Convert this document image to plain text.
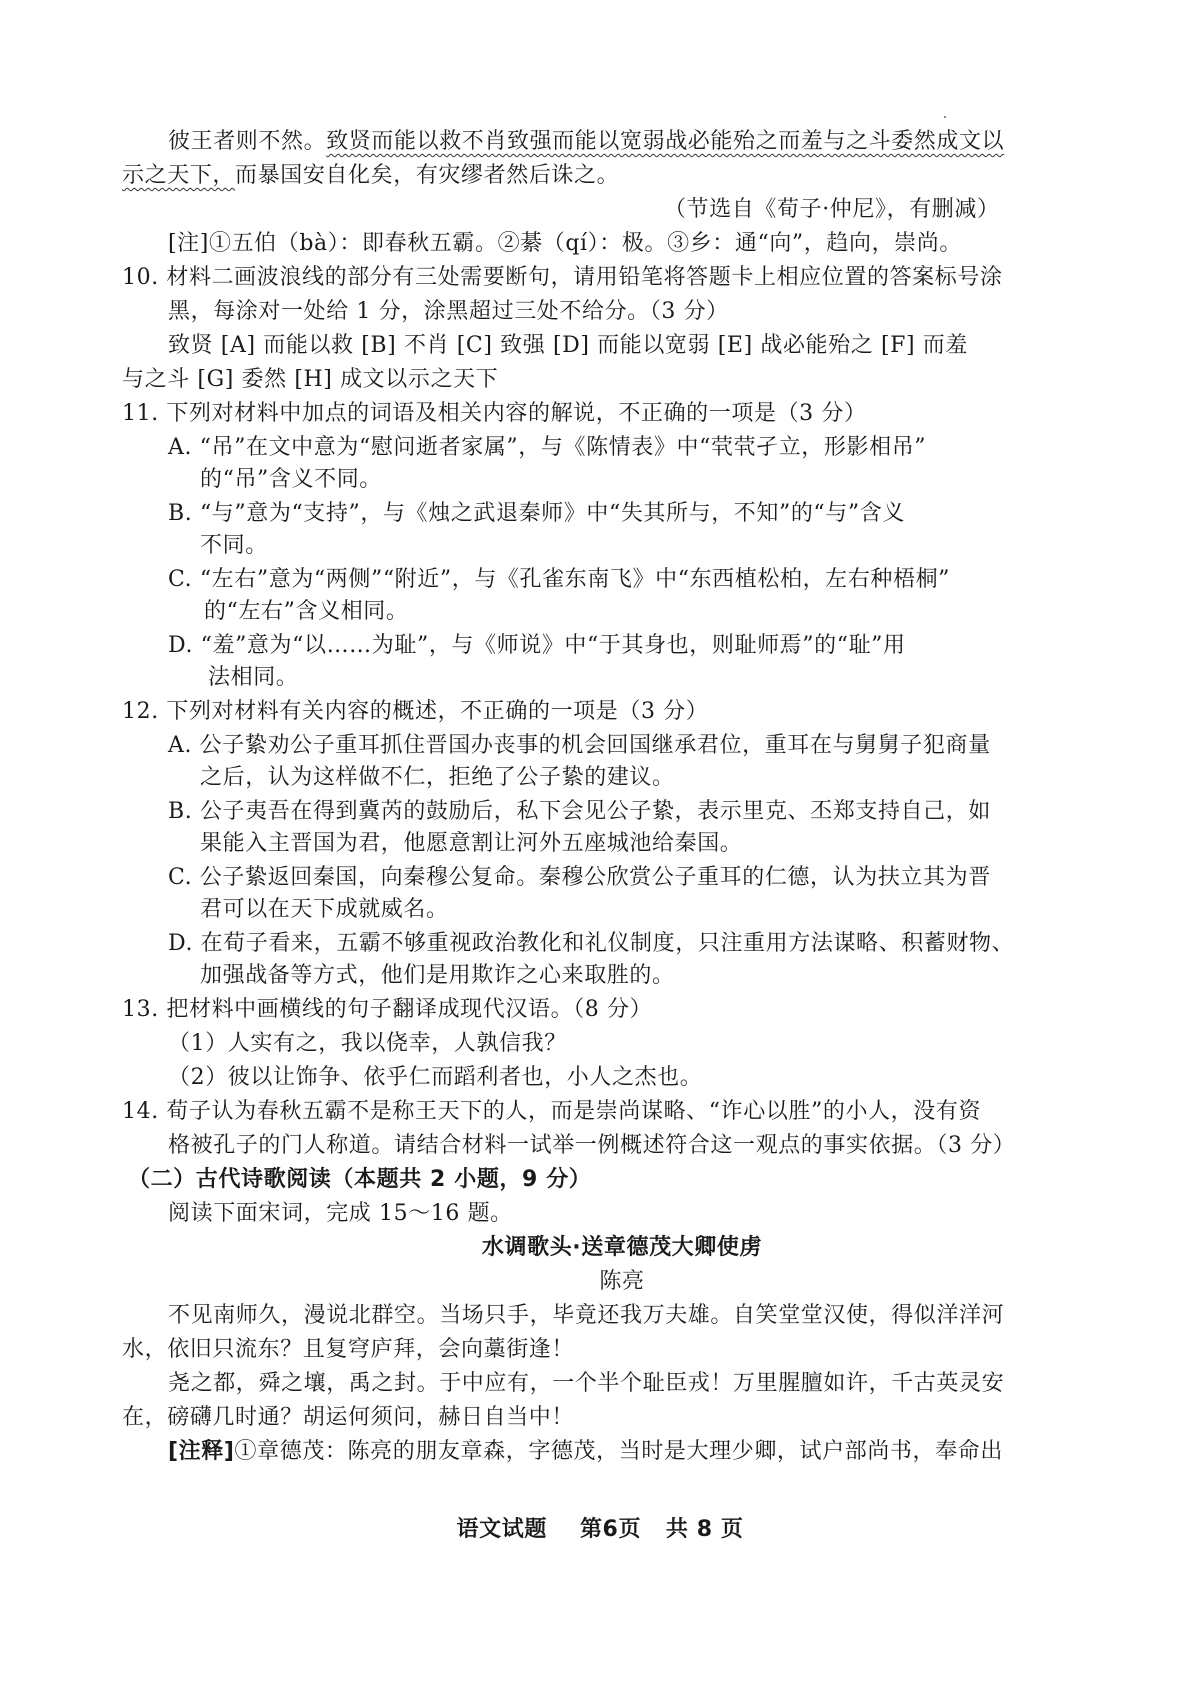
彼王者则不然。致贤而能以救不肖致强而能以宽弱战必能殆之而羞与之斗委然成文以
示之天下，而暴国安自化矣，有灾缪者然后诛之。
（节选自《荀子·仲尼》，有删减）
[注]①五伯（bà）：即春秋五霸。②綦（qí）：极。③乡：通“向”，趋向，崇尚。
10. 材料二画波浪线的部分有三处需要断句，请用铅笔将答题卡上相应位置的答案标号涂
黑，每涂对一处给 1 分，涂黑超过三处不给分。（3 分）
致贤 [A] 而能以救 [B] 不肖 [C] 致强 [D] 而能以宽弱 [E] 战必能殆之 [F] 而羞
与之斗 [G] 委然 [H] 成文以示之天下
11. 下列对材料中加点的词语及相关内容的解说，不正确的一项是（3 分）
A. “吊”在文中意为“慰问逝者家属”，与《陈情表》中“茕茕孑立，形影相吊”
的“吊”含义不同。
B. “与”意为“支持”，与《烛之武退秦师》中“失其所与，不知”的“与”含义
不同。
C. “左右”意为“两侧”“附近”，与《孔雀东南飞》中“东西植松柏，左右种梧桐”
的“左右”含义相同。
D. “羞”意为“以……为耻”，与《师说》中“于其身也，则耻师焉”的“耻”用
法相同。
12. 下列对材料有关内容的概述，不正确的一项是（3 分）
A. 公子絷劝公子重耳抓住晋国办丧事的机会回国继承君位，重耳在与舅舅子犯商量
之后，认为这样做不仁，拒绝了公子絷的建议。
B. 公子夷吾在得到冀芮的鼓励后，私下会见公子絷，表示里克、丕郑支持自己，如
果能入主晋国为君，他愿意割让河外五座城池给秦国。
C. 公子絷返回秦国，向秦穆公复命。秦穆公欣赏公子重耳的仁德，认为扶立其为晋
君可以在天下成就威名。
D. 在荀子看来，五霸不够重视政治教化和礼仪制度，只注重用方法谋略、积蓄财物、
加强战备等方式，他们是用欺诈之心来取胜的。
13. 把材料中画横线的句子翻译成现代汉语。（8 分）
（1）人实有之，我以侥幸，人孰信我？
（2）彼以让饰争、依乎仁而蹈利者也，小人之杰也。
14. 荀子认为春秋五霸不是称王天下的人，而是崇尚谋略、“诈心以胜”的小人，没有资
格被孔子的门人称道。请结合材料一试举一例概述符合这一观点的事实依据。（3 分）
（二）古代诗歌阅读（本题共 2 小题，9 分）
阅读下面宋词，完成 15～16 题。
水调歌头·送章德茂大卿使虏
陈亮
不见南师久，漫说北群空。当场只手，毕竟还我万夫雄。自笑堂堂汉使，得似洋洋河
水，依旧只流东？且复穹庐拜，会向藁街逢！
尧之都，舜之壤，禹之封。于中应有，一个半个耻臣戎！万里腥膻如许，千古英灵安
在，磅礴几时通？胡运何须问，赫日自当中！
[注释]①章德茂：陈亮的朋友章森，字德茂，当时是大理少卿，试户部尚书，奉命出
语文试题    第6页   共 8 页
